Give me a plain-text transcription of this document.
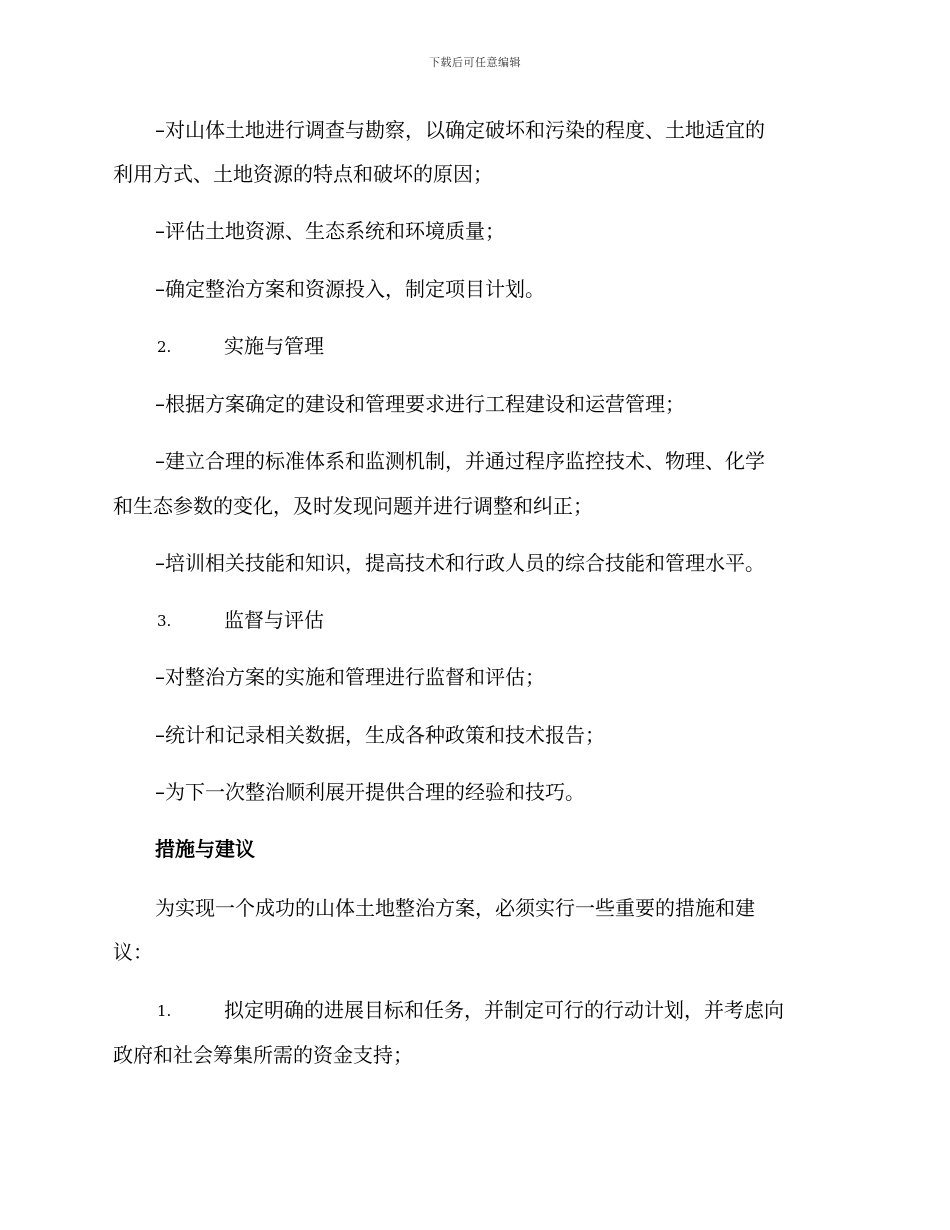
下载后可任意编辑
–对山体土地进行调查与勘察，以确定破坏和污染的程度、土地适宜的
利用方式、土地资源的特点和破坏的原因；
–评估土地资源、生态系统和环境质量；
–确定整治方案和资源投入，制定项目计划。
2.	实施与管理
–根据方案确定的建设和管理要求进行工程建设和运营管理；
–建立合理的标准体系和监测机制，并通过程序监控技术、物理、化学
和生态参数的变化，及时发现问题并进行调整和纠正；
–培训相关技能和知识，提高技术和行政人员的综合技能和管理水平。
3.	监督与评估
–对整治方案的实施和管理进行监督和评估；
–统计和记录相关数据，生成各种政策和技术报告；
–为下一次整治顺利展开提供合理的经验和技巧。
措施与建议
为实现一个成功的山体土地整治方案，必须实行一些重要的措施和建
议：
1.	拟定明确的进展目标和任务，并制定可行的行动计划，并考虑向
政府和社会筹集所需的资金支持；
